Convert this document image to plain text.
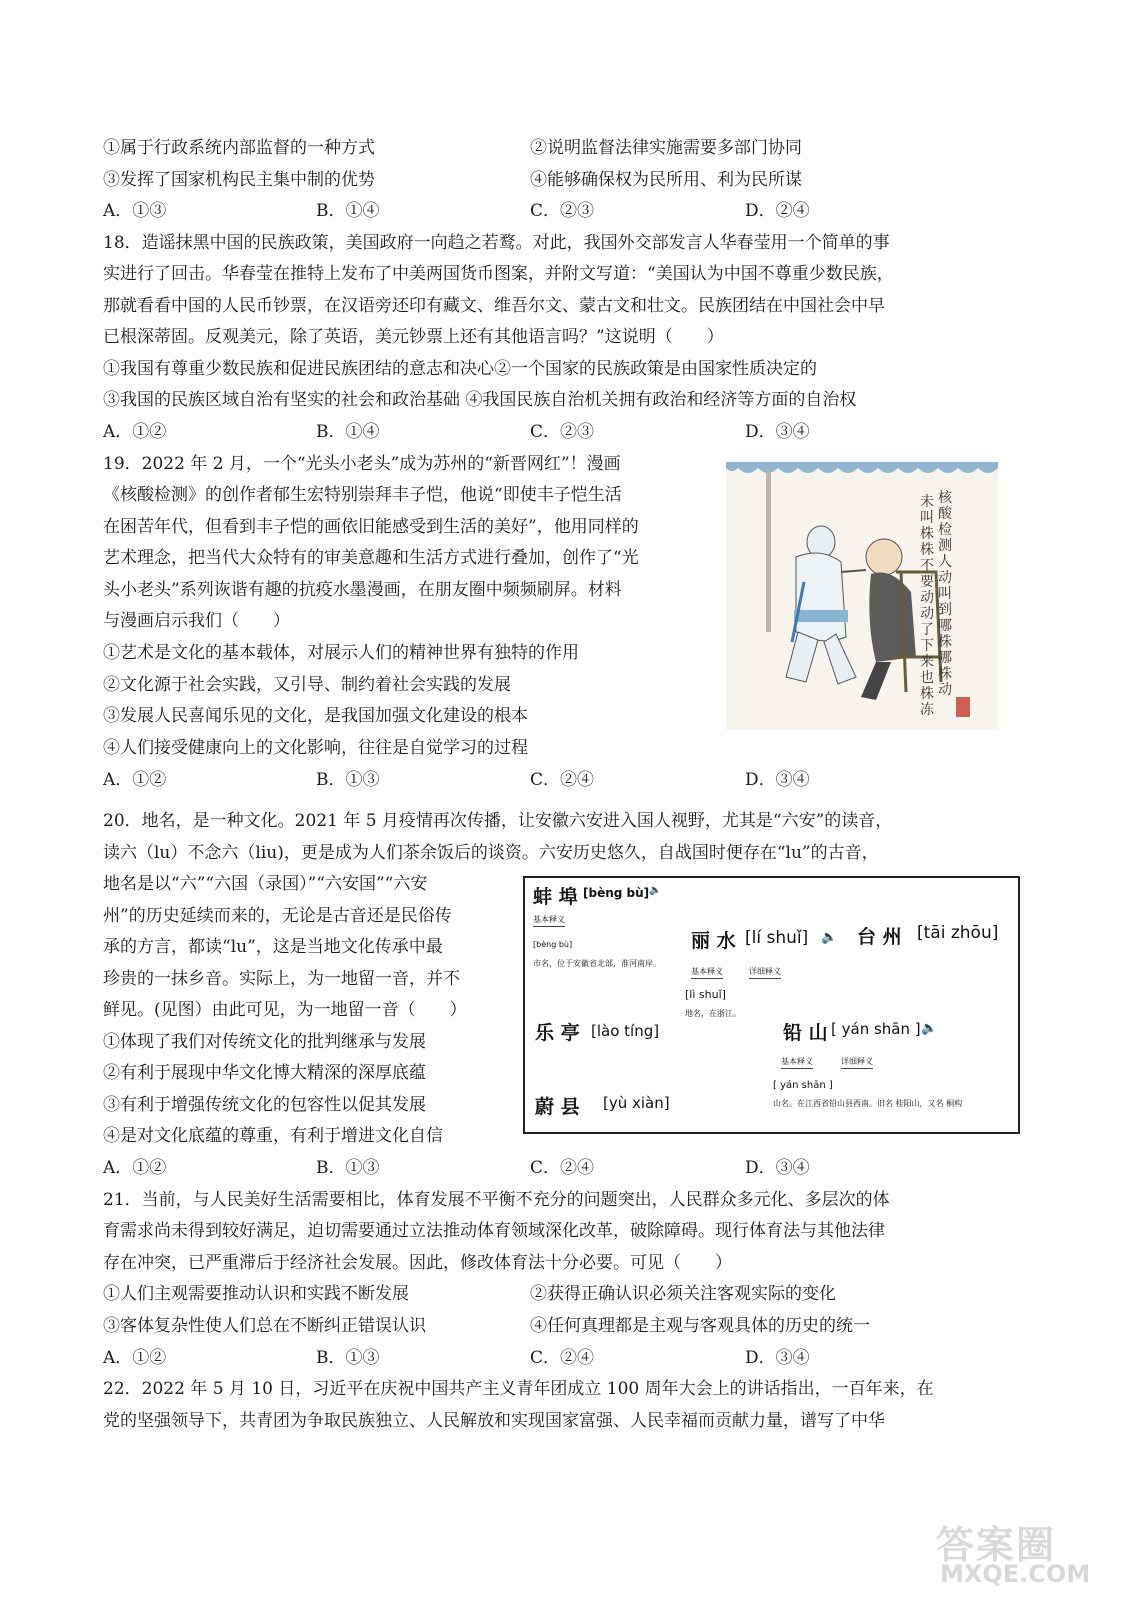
①属于行政系统内部监督的一种方式	②说明监督法律实施需要多部门协同
③发挥了国家机构民主集中制的优势	④能够确保权为民所用、利为民所谋
A．①③	B．①④	C．②③	D．②④
18．造谣抹黑中国的民族政策，美国政府一向趋之若鹜。对此，我国外交部发言人华春莹用一个简单的事
实进行了回击。华春莹在推特上发布了中美两国货币图案，并附文写道：“美国认为中国不尊重少数民族，
那就看看中国的人民币钞票，在汉语旁还印有藏文、维吾尔文、蒙古文和壮文。民族团结在中国社会中早
已根深蒂固。反观美元，除了英语，美元钞票上还有其他语言吗？”这说明（　　）
①我国有尊重少数民族和促进民族团结的意志和决心②一个国家的民族政策是由国家性质决定的
③我国的民族区域自治有坚实的社会和政治基础 ④我国民族自治机关拥有政治和经济等方面的自治权
A．①②	B．①④	C．②③	D．③④
19．2022 年 2 月，一个“光头小老头”成为苏州的“新晋网红”！漫画
《核酸检测》的创作者郁生宏特别崇拜丰子恺，他说“即使丰子恺生活
在困苦年代，但看到丰子恺的画依旧能感受到生活的美好”，他用同样的
艺术理念，把当代大众特有的审美意趣和生活方式进行叠加，创作了“光
头小老头”系列诙谐有趣的抗疫水墨漫画，在朋友圈中频频刷屏。材料
与漫画启示我们（　　）
①艺术是文化的基本载体，对展示人们的精神世界有独特的作用
②文化源于社会实践，又引导、制约着社会实践的发展
③发展人民喜闻乐见的文化，是我国加强文化建设的根本
④人们接受健康向上的文化影响，往往是自觉学习的过程
A．①②	B．①③	C．②④	D．③④
核
酸
检
测
人
动
叫
到
哪
株
哪
株
动
未
叫
株
株
不
要
动
动
了
下
来
也
株
冻
20．地名，是一种文化。2021 年 5 月疫情再次传播，让安徽六安进入国人视野，尤其是“六安”的读音，
读六（lu）不念六（liu)，更是成为人们茶余饭后的谈资。六安历史悠久，自战国时便存在“lu”的古音，
地名是以“六”“六国（录国）”“六安国”“六安
州”的历史延续而来的，无论是古音还是民俗传
承的方言，都读“lu”，这是当地文化传承中最
珍贵的一抹乡音。实际上，为一地留一音，并不
鲜见。(见图）由此可见，为一地留一音（　　）
①体现了我们对传统文化的批判继承与发展
②有利于展现中华文化博大精深的深厚底蕴
③有利于增强传统文化的包容性以促其发展
④是对文化底蕴的尊重，有利于增进文化自信
A．①②	B．①③	C．②④	D．③④
蚌 埠 [bèng bù] 🔈
基本释义
[bèng bù]
市名，位于安徽省北部，淮河南岸。
丽 水 [lí shuǐ] 🔈
基本释义	详细释义
[lì shuǐ]
地名，在浙江。
台 州 [tāi zhōu]
乐 亭 [lào tíng]	铅 山 [ yán shān ] 🔈
基本释义	详细释义
[ yán shān ]
山名。在江西省铅山县西南。旧名 桂阳山，又名 桐构
蔚 县 [yù xiàn]
21．当前，与人民美好生活需要相比，体育发展不平衡不充分的问题突出，人民群众多元化、多层次的体
育需求尚未得到较好满足，迫切需要通过立法推动体育领域深化改革，破除障碍。现行体育法与其他法律
存在冲突，已严重滞后于经济社会发展。因此，修改体育法十分必要。可见（　　）
①人们主观需要推动认识和实践不断发展	②获得正确认识必须关注客观实际的变化
③客体复杂性使人们总在不断纠正错误认识	④任何真理都是主观与客观具体的历史的统一
A．①②	B．①③	C．②④	D．③④
22．2022 年 5 月 10 日，习近平在庆祝中国共产主义青年团成立 100 周年大会上的讲话指出，一百年来，在
党的坚强领导下，共青团为争取民族独立、人民解放和实现国家富强、人民幸福而贡献力量，谱写了中华
答案圈
MXQE.COM
